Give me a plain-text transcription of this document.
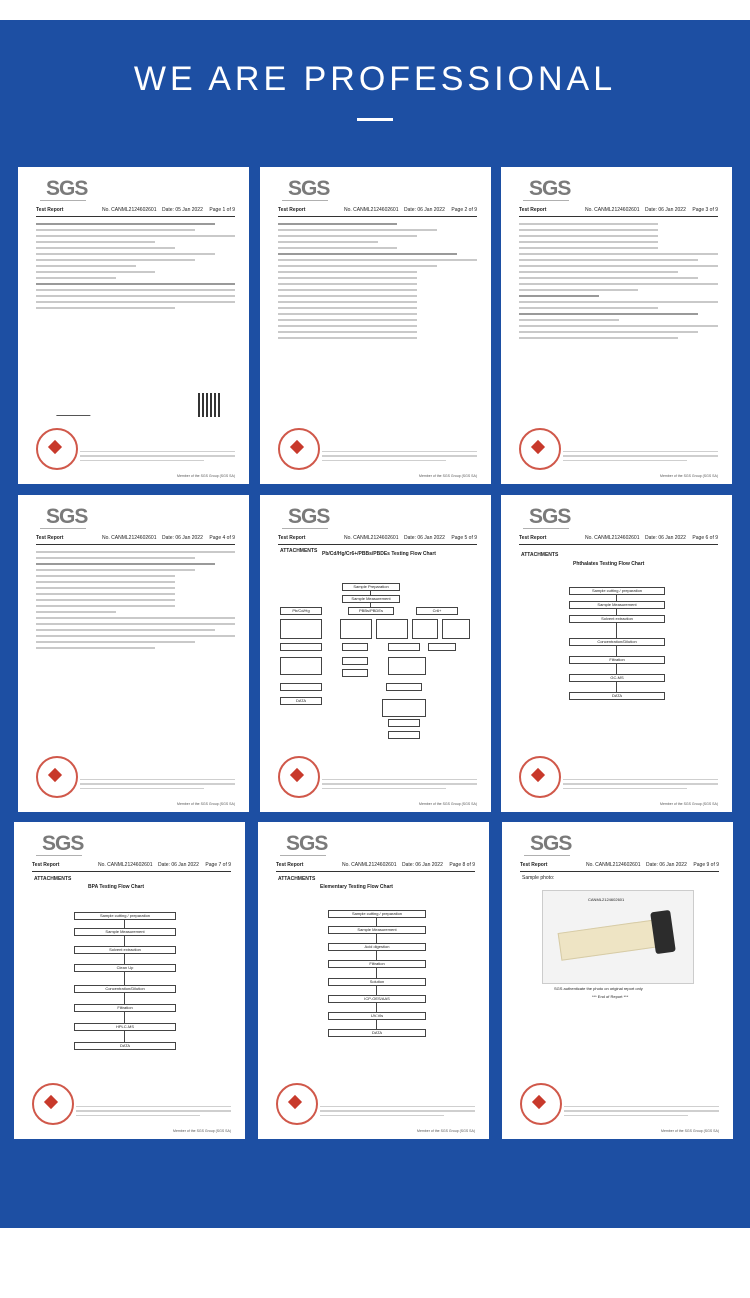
WE ARE PROFESSIONAL
SGS
Test Report	No. CANML2124602601 Date: 05 Jan 2022 Page 1 of 9
Member of the SGS Group (SGS SA)
SGS
Test Report	No. CANML2124602601 Date: 06 Jan 2022 Page 2 of 9
Member of the SGS Group (SGS SA)
SGS
Test Report	No. CANML2124602601 Date: 06 Jan 2022 Page 3 of 9
Member of the SGS Group (SGS SA)
SGS
Test Report	No. CANML2124602601 Date: 06 Jan 2022 Page 4 of 9
Member of the SGS Group (SGS SA)
SGS
Test Report	No. CANML2124602601 Date: 06 Jan 2022 Page 5 of 9
ATTACHMENTS Pb/Cd/Hg/Cr6+/PBBs/PBDEs Testing Flow Chart
Sample Preparation
Sample Measurement
Pb/Cd/Hg	PBBs/PBDEs	Cr6+
DATA
Member of the SGS Group (SGS SA)
SGS
Test Report	No. CANML2124602601 Date: 06 Jan 2022 Page 6 of 9
ATTACHMENTS
Phthalates Testing Flow Chart
Sample cutting / preparation
Sample Measurement
Solvent extraction
Concentration/Dilution
Filtration
GC-MS
DATA
Member of the SGS Group (SGS SA)
SGS
Test Report	No. CANML2124602601 Date: 06 Jan 2022 Page 7 of 9
ATTACHMENTS
BPA Testing Flow Chart
Sample cutting / preparation
Sample Measurement
Solvent extraction
Clean Up
Concentration/Dilution
Filtration
HPLC-MS
DATA
Member of the SGS Group (SGS SA)
SGS
Test Report	No. CANML2124602601 Date: 06 Jan 2022 Page 8 of 9
ATTACHMENTS
Elementary Testing Flow Chart
Sample cutting / preparation
Sample Measurement
Acid digestion
Filtration
Solution
ICP-OES/AAS
UV-Vis
DATA
Member of the SGS Group (SGS SA)
SGS
Test Report	No. CANML2124602601 Date: 06 Jan 2022 Page 9 of 9
Sample photo:
CANML2124602601
SGS authenticate the photo on original report only
*** End of Report ***
Member of the SGS Group (SGS SA)
